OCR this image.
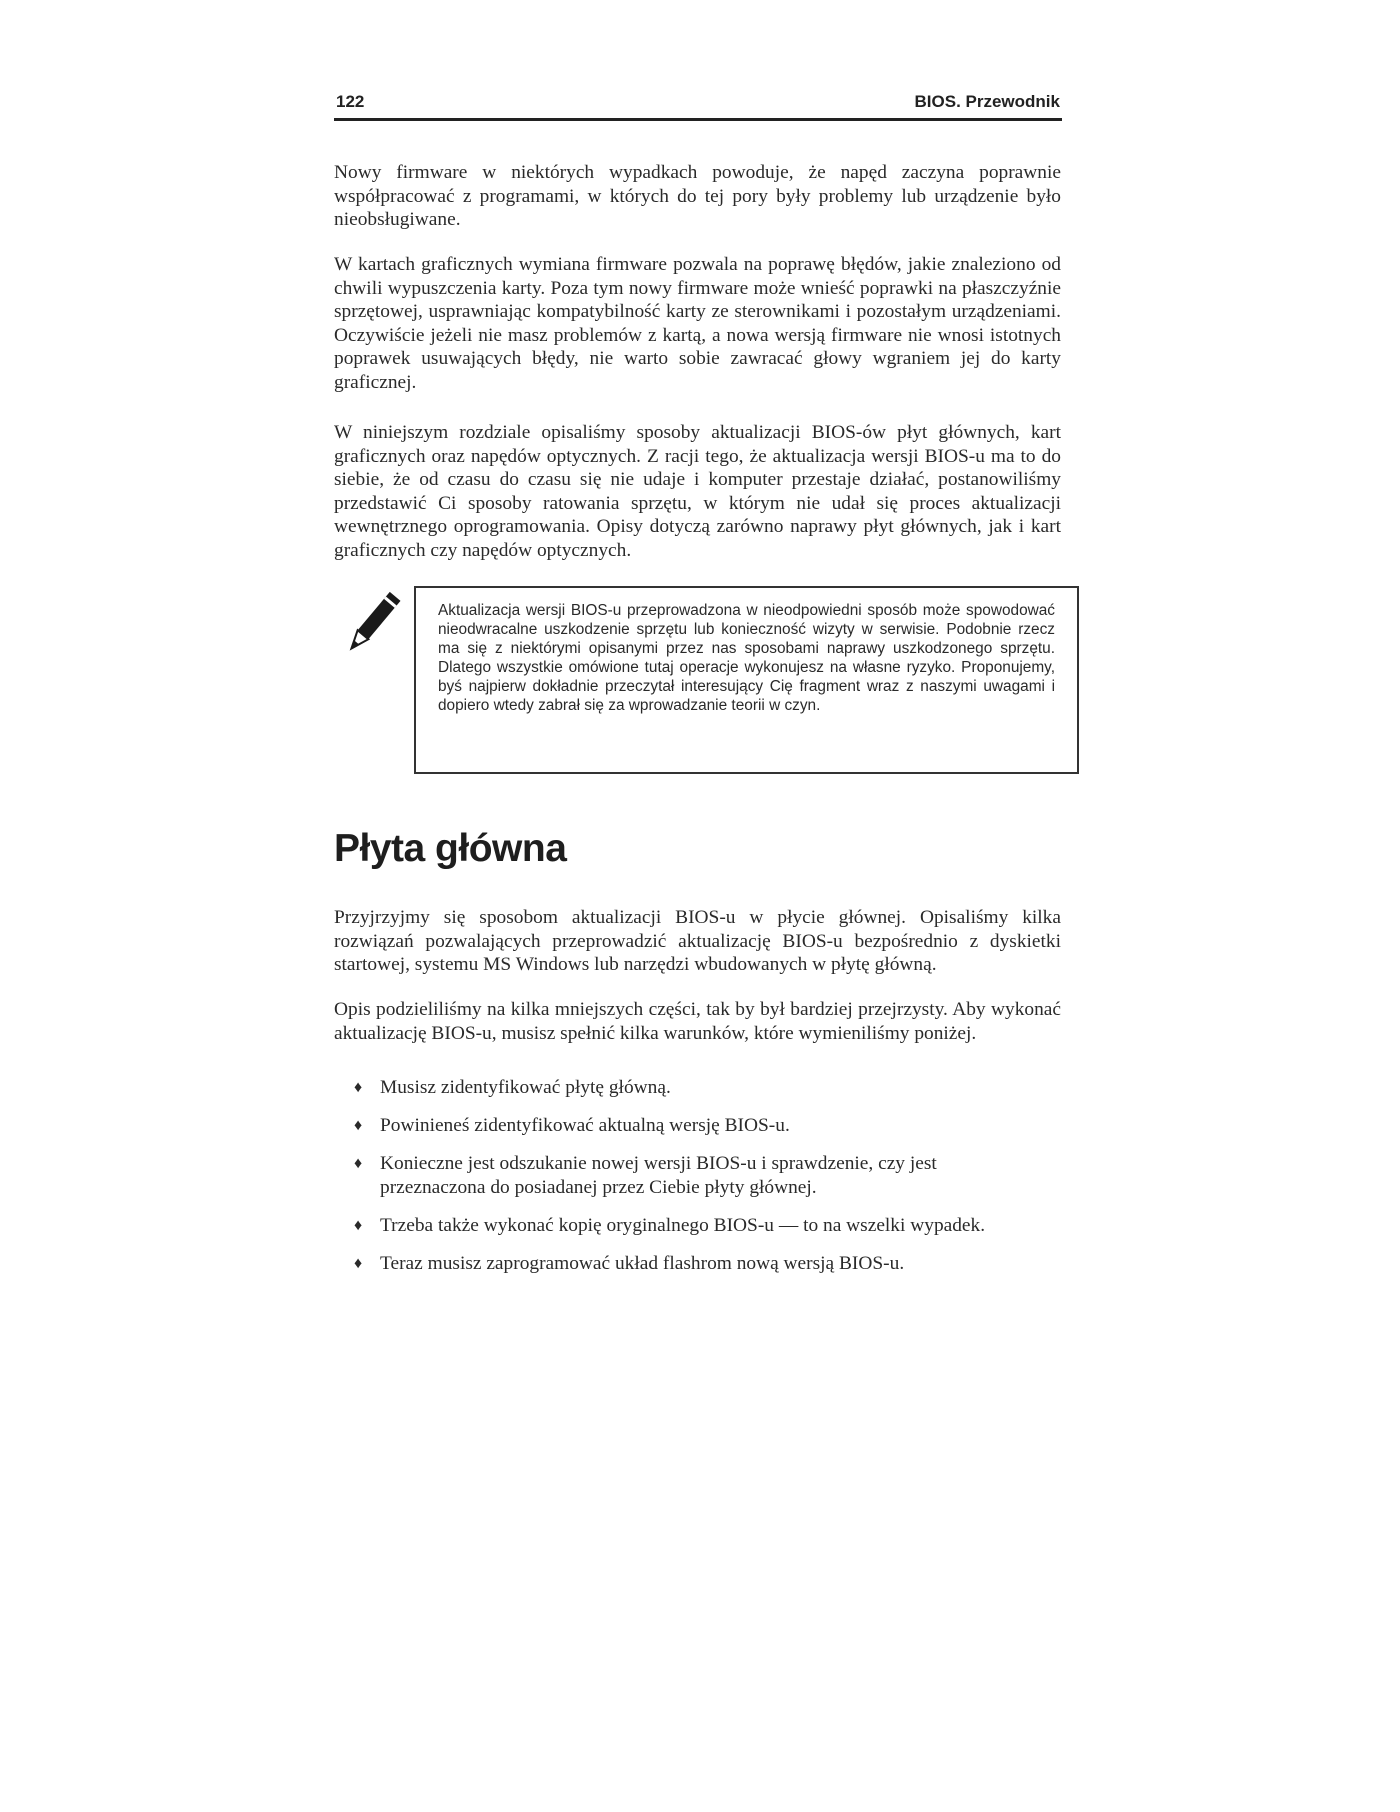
122	BIOS. Przewodnik

Nowy firmware w niektórych wypadkach powoduje, że napęd zaczyna poprawnie współpracować z programami, w których do tej pory były problemy lub urządzenie było nieobsługiwane.

W kartach graficznych wymiana firmware pozwala na poprawę błędów, jakie znaleziono od chwili wypuszczenia karty. Poza tym nowy firmware może wnieść poprawki na płaszczyźnie sprzętowej, usprawniając kompatybilność karty ze sterownikami i pozostałym urządzeniami. Oczywiście jeżeli nie masz problemów z kartą, a nowa wersją firmware nie wnosi istotnych poprawek usuwających błędy, nie warto sobie zawracać głowy wgraniem jej do karty graficznej.

W niniejszym rozdziale opisaliśmy sposoby aktualizacji BIOS-ów płyt głównych, kart graficznych oraz napędów optycznych. Z racji tego, że aktualizacja wersji BIOS-u ma to do siebie, że od czasu do czasu się nie udaje i komputer przestaje działać, postanowiliśmy przedstawić Ci sposoby ratowania sprzętu, w którym nie udał się proces aktualizacji wewnętrznego oprogramowania. Opisy dotyczą zarówno naprawy płyt głównych, jak i kart graficznych czy napędów optycznych.

Aktualizacja wersji BIOS-u przeprowadzona w nieodpowiedni sposób może spowodować nieodwracalne uszkodzenie sprzętu lub konieczność wizyty w serwisie. Podobnie rzecz ma się z niektórymi opisanymi przez nas sposobami naprawy uszkodzonego sprzętu. Dlatego wszystkie omówione tutaj operacje wykonujesz na własne ryzyko. Proponujemy, byś najpierw dokładnie przeczytał interesujący Cię fragment wraz z naszymi uwagami i dopiero wtedy zabrał się za wprowadzanie teorii w czyn.
Płyta główna

Przyjrzyjmy się sposobom aktualizacji BIOS-u w płycie głównej. Opisaliśmy kilka rozwiązań pozwalających przeprowadzić aktualizację BIOS-u bezpośrednio z dyskietki startowej, systemu MS Windows lub narzędzi wbudowanych w płytę główną.

Opis podzieliliśmy na kilka mniejszych części, tak by był bardziej przejrzysty. Aby wykonać aktualizację BIOS-u, musisz spełnić kilka warunków, które wymieniliśmy poniżej.

♦ Musisz zidentyfikować płytę główną.
♦ Powinieneś zidentyfikować aktualną wersję BIOS-u.
♦ Konieczne jest odszukanie nowej wersji BIOS-u i sprawdzenie, czy jest przeznaczona do posiadanej przez Ciebie płyty głównej.
♦ Trzeba także wykonać kopię oryginalnego BIOS-u — to na wszelki wypadek.
♦ Teraz musisz zaprogramować układ flashrom nową wersją BIOS-u.
